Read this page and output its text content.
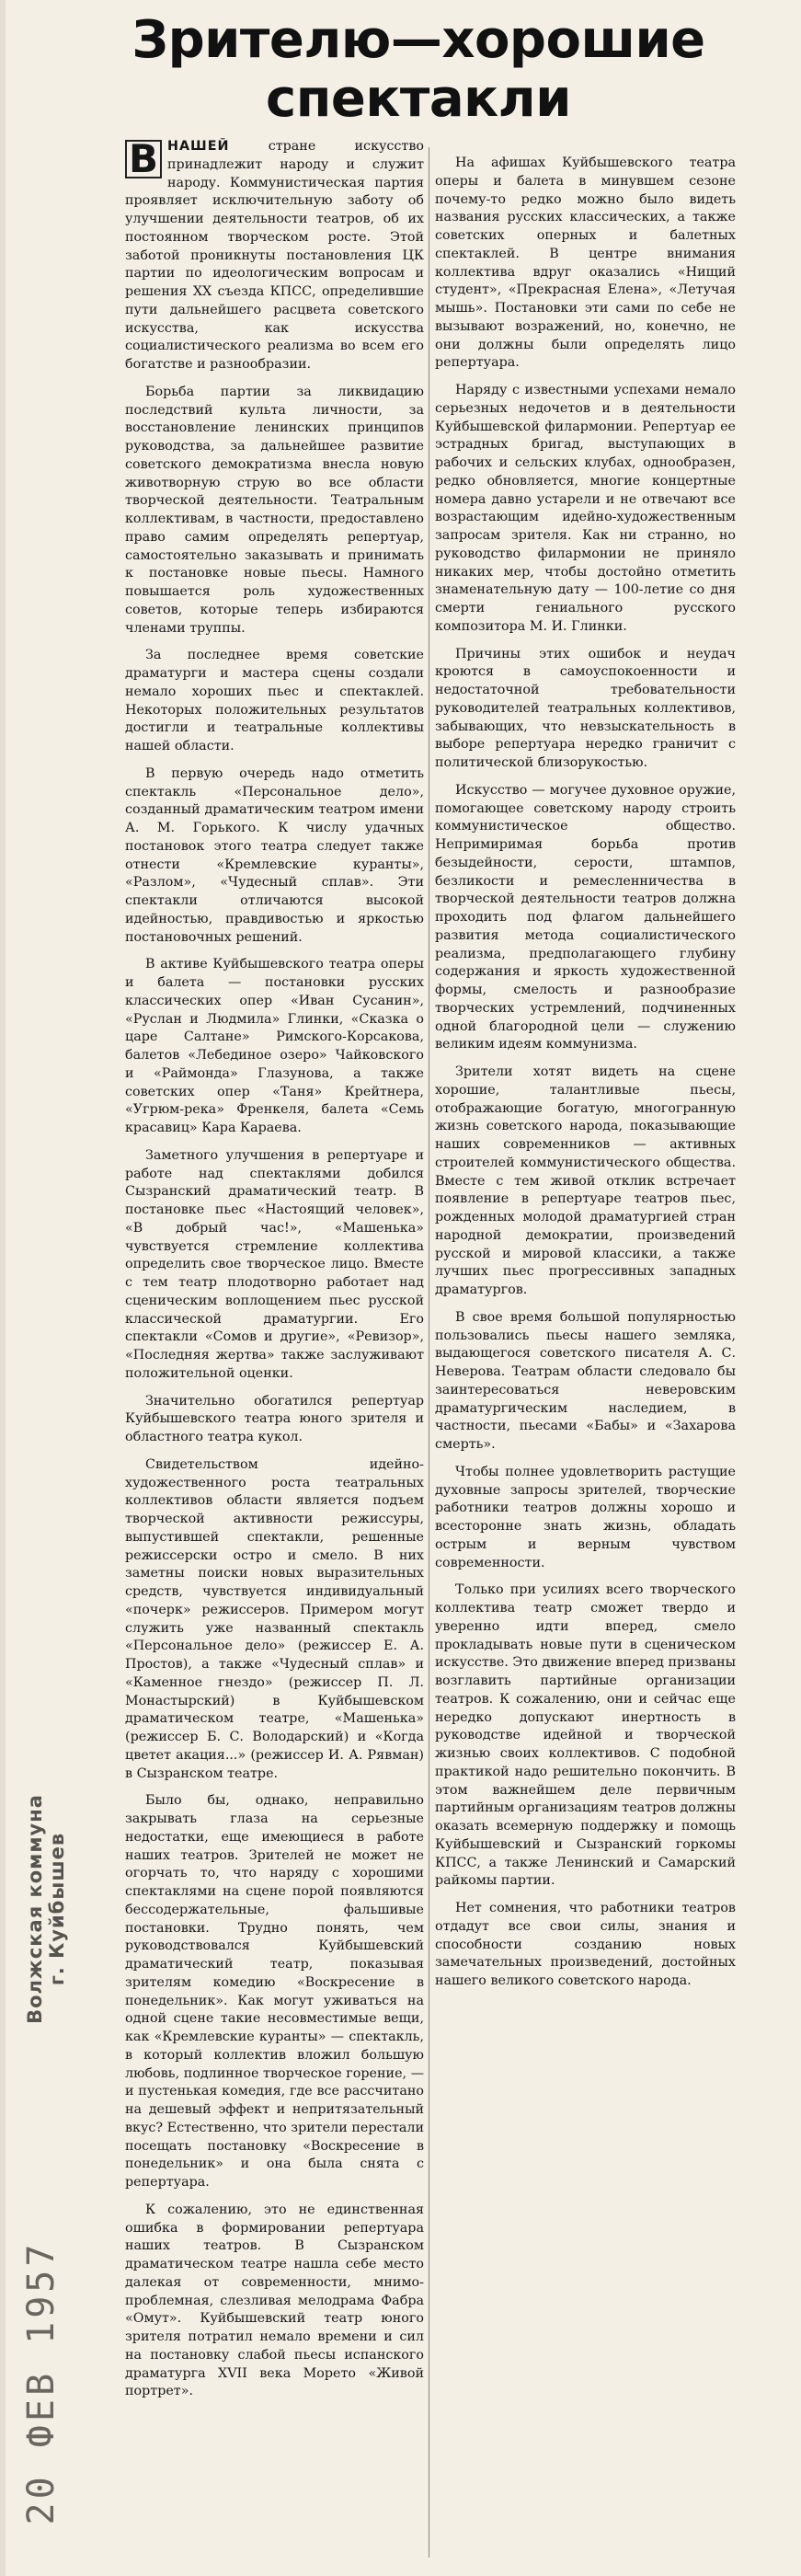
Зрителю—хорошие
спектакли

В НАШЕЙ	стране искусство принадлежит народу и служит народу. Коммунистическая партия проявляет исключительную заботу об улучшении деятельности театров, об их постоянном творческом росте. Этой заботой проникнуты постановления ЦК партии по идеологическим вопросам и решения XX съезда КПСС, определившие пути дальнейшего расцвета советского искусства, как искусства социалистического реализма во всем его богатстве и разнообразии.

Борьба партии за ликвидацию последствий культа личности, за восстановление ленинских принципов руководства, за дальнейшее развитие советского демократизма внесла новую животворную струю во все области творческой деятельности. Театральным коллективам, в частности, предоставлено право самим определять репертуар, самостоятельно заказывать и принимать к постановке новые пьесы. Намного повышается роль художественных советов, которые теперь избираются членами труппы.

За последнее время советские драматурги и мастера сцены создали немало хороших пьес и спектаклей. Некоторых положительных результатов достигли и театральные коллективы нашей области.

В первую очередь надо отметить спектакль «Персональное дело», созданный драматическим театром имени А. М. Горького. К числу удачных постановок этого театра следует также отнести «Кремлевские куранты», «Разлом», «Чудесный сплав». Эти спектакли отличаются высокой идейностью, правдивостью и яркостью постановочных решений.

В активе Куйбышевского театра оперы и балета — постановки русских классических опер «Иван Сусанин», «Руслан и Людмила» Глинки, «Сказка о царе Салтане» Римского-Корсакова, балетов «Лебединое озеро» Чайковского и «Раймонда» Глазунова, а также советских опер «Таня» Крейтнера, «Угрюм-река» Френкеля, балета «Семь красавиц» Кара Караева.

Заметного улучшения в репертуаре и работе над спектаклями добился Сызранский драматический театр. В постановке пьес «Настоящий человек», «В добрый час!», «Машенька» чувствуется стремление коллектива определить свое творческое лицо. Вместе с тем театр плодотворно работает над сценическим воплощением пьес русской классической драматургии. Его спектакли «Сомов и другие», «Ревизор», «Последняя жертва» также заслуживают положительной оценки.

Значительно обогатился репертуар Куйбышевского театра юного зрителя и областного театра кукол.

Свидетельством идейно-художественного роста театральных коллективов области является подъем творческой активности режиссуры, выпустившей спектакли, решенные режиссерски остро и смело. В них заметны поиски новых выразительных средств, чувствуется индивидуальный «почерк» режиссеров. Примером могут служить уже названный спектакль «Персональное дело» (режиссер Е. А. Простов), а также «Чудесный сплав» и «Каменное гнездо» (режиссер П. Л. Монастырский) в Куйбышевском драматическом театре, «Машенька» (режиссер Б. С. Володарский) и «Когда цветет акация...» (режиссер И. А. Рявман) в Сызранском театре.

Было бы, однако, неправильно закрывать глаза на серьезные недостатки, еще имеющиеся в работе наших театров. Зрителей не может не огорчать то, что наряду с хорошими спектаклями на сцене порой появляются бессодержательные, фальшивые постановки. Трудно понять, чем руководствовался Куйбышевский драматический театр, показывая зрителям комедию «Воскресение в понедельник». Как могут уживаться на одной сцене такие несовместимые вещи, как «Кремлевские куранты» — спектакль, в который коллектив вложил большую любовь, подлинное творческое горение, — и пустенькая комедия, где все рассчитано на дешевый эффект и непритязательный вкус? Естественно, что зрители перестали посещать постановку «Воскресение в понедельник» и она была снята с репертуара.

К сожалению, это не единственная ошибка в формировании репертуара наших театров. В Сызранском драматическом театре нашла себе место далекая от современности, мнимо-проблемная, слезливая мелодрама Фабра «Омут». Куйбышевский театр юного зрителя потратил немало времени и сил на постановку слабой пьесы испанского драматурга XVII века Морето «Живой портрет».

На афишах Куйбышевского театра оперы и балета в минувшем сезоне почему-то редко можно было видеть названия русских классических, а также советских оперных и балетных спектаклей. В центре внимания коллектива вдруг оказались «Нищий студент», «Прекрасная Елена», «Летучая мышь». Постановки эти сами по себе не вызывают возражений, но, конечно, не они должны были определять лицо репертуара.

Наряду с известными успехами немало серьезных недочетов и в деятельности Куйбышевской филармонии. Репертуар ее эстрадных бригад, выступающих в рабочих и сельских клубах, однообразен, редко обновляется, многие концертные номера давно устарели и не отвечают все возрастающим идейно-художественным запросам зрителя. Как ни странно, но руководство филармонии не приняло никаких мер, чтобы достойно отметить знаменательную дату — 100-летие со дня смерти гениального русского композитора М. И. Глинки.

Причины этих ошибок и неудач кроются в самоуспокоенности и недостаточной требовательности руководителей театральных коллективов, забывающих, что невзыскательность в выборе репертуара нередко граничит с политической близорукостью.

Искусство — могучее духовное оружие, помогающее советскому народу строить коммунистическое общество. Непримиримая борьба против безыдейности, серости, штампов, безликости и ремесленничества в творческой деятельности театров должна проходить под флагом дальнейшего развития метода социалистического реализма, предполагающего глубину содержания и яркость художественной формы, смелость и разнообразие творческих устремлений, подчиненных одной благородной цели — служению великим идеям коммунизма.

Зрители хотят видеть на сцене хорошие, талантливые пьесы, отображающие богатую, многогранную жизнь советского народа, показывающие наших современников — активных строителей коммунистического общества. Вместе с тем живой отклик встречает появление в репертуаре театров пьес, рожденных молодой драматургией стран народной демократии, произведений русской и мировой классики, а также лучших пьес прогрессивных западных драматургов.

В свое время большой популярностью пользовались пьесы нашего земляка, выдающегося советского писателя А. С. Неверова. Театрам области следовало бы заинтересоваться неверовским драматургическим наследием, в частности, пьесами «Бабы» и «Захарова смерть».

Чтобы полнее удовлетворить растущие духовные запросы зрителей, творческие работники театров должны хорошо и всесторонне знать жизнь, обладать острым и верным чувством современности.

Только при усилиях всего творческого коллектива театр сможет твердо и уверенно идти вперед, смело прокладывать новые пути в сценическом искусстве. Это движение вперед призваны возглавить партийные организации театров. К сожалению, они и сейчас еще нередко допускают инертность в руководстве идейной и творческой жизнью своих коллективов. С подобной практикой надо решительно покончить. В этом важнейшем деле первичным партийным организациям театров должны оказать всемерную поддержку и помощь Куйбышевский и Сызранский горкомы КПСС, а также Ленинский и Самарский райкомы партии.

Нет сомнения, что работники театров отдадут все свои силы, знания и способности созданию новых замечательных произведений, достойных нашего великого советского народа.

Волжская коммуна г. Куйбышев
20 ФЕВ 1957
